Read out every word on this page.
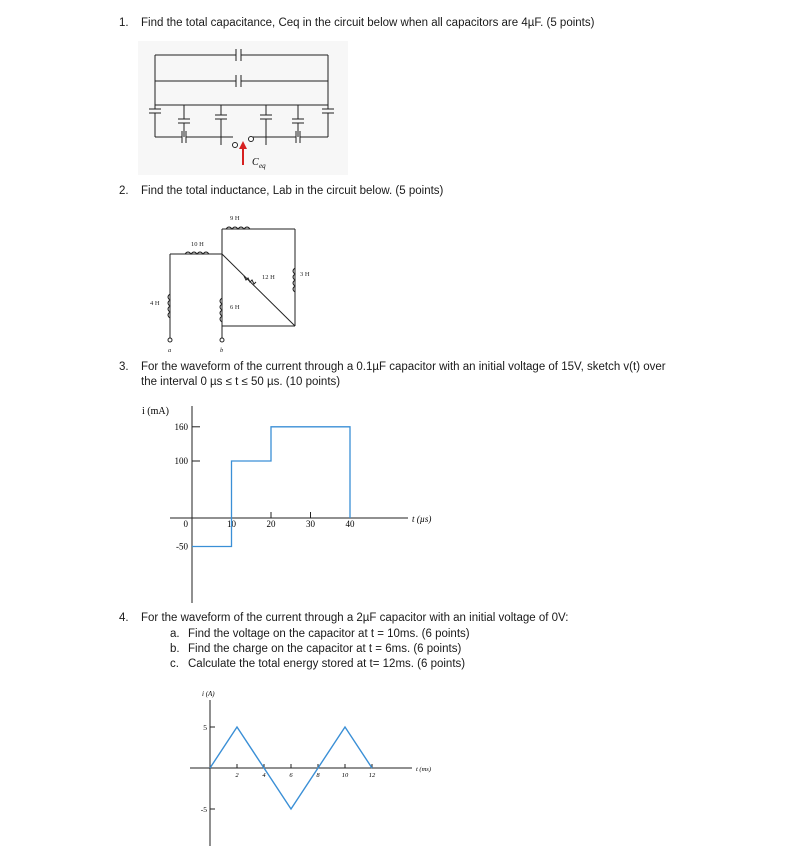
1. Find the total capacitance, Ceq in the circuit below when all capacitors are 4µF. (5 points)
C eq
2. Find the total inductance, Lab in the circuit below. (5 points)
9 H
10 H
12 H	3 H
4 H
6 H
a	b
3. For the waveform of the current through a 0.1µF capacitor with an initial voltage of 15V, sketch v(t) over
the interval 0 µs ≤ t ≤ 50 µs. (10 points)
i (mA)
t (µs)
160
100
-50
0	10	20	30	40
4. For the waveform of the current through a 2µF capacitor with an initial voltage of 0V:
a. Find the voltage on the capacitor at t = 10ms. (6 points)
b. Find the charge on the capacitor at t = 6ms. (6 points)
c. Calculate the total energy stored at t= 12ms. (6 points)
i (A)
t (ms)
5
-5
2	4	6	8	10	12
